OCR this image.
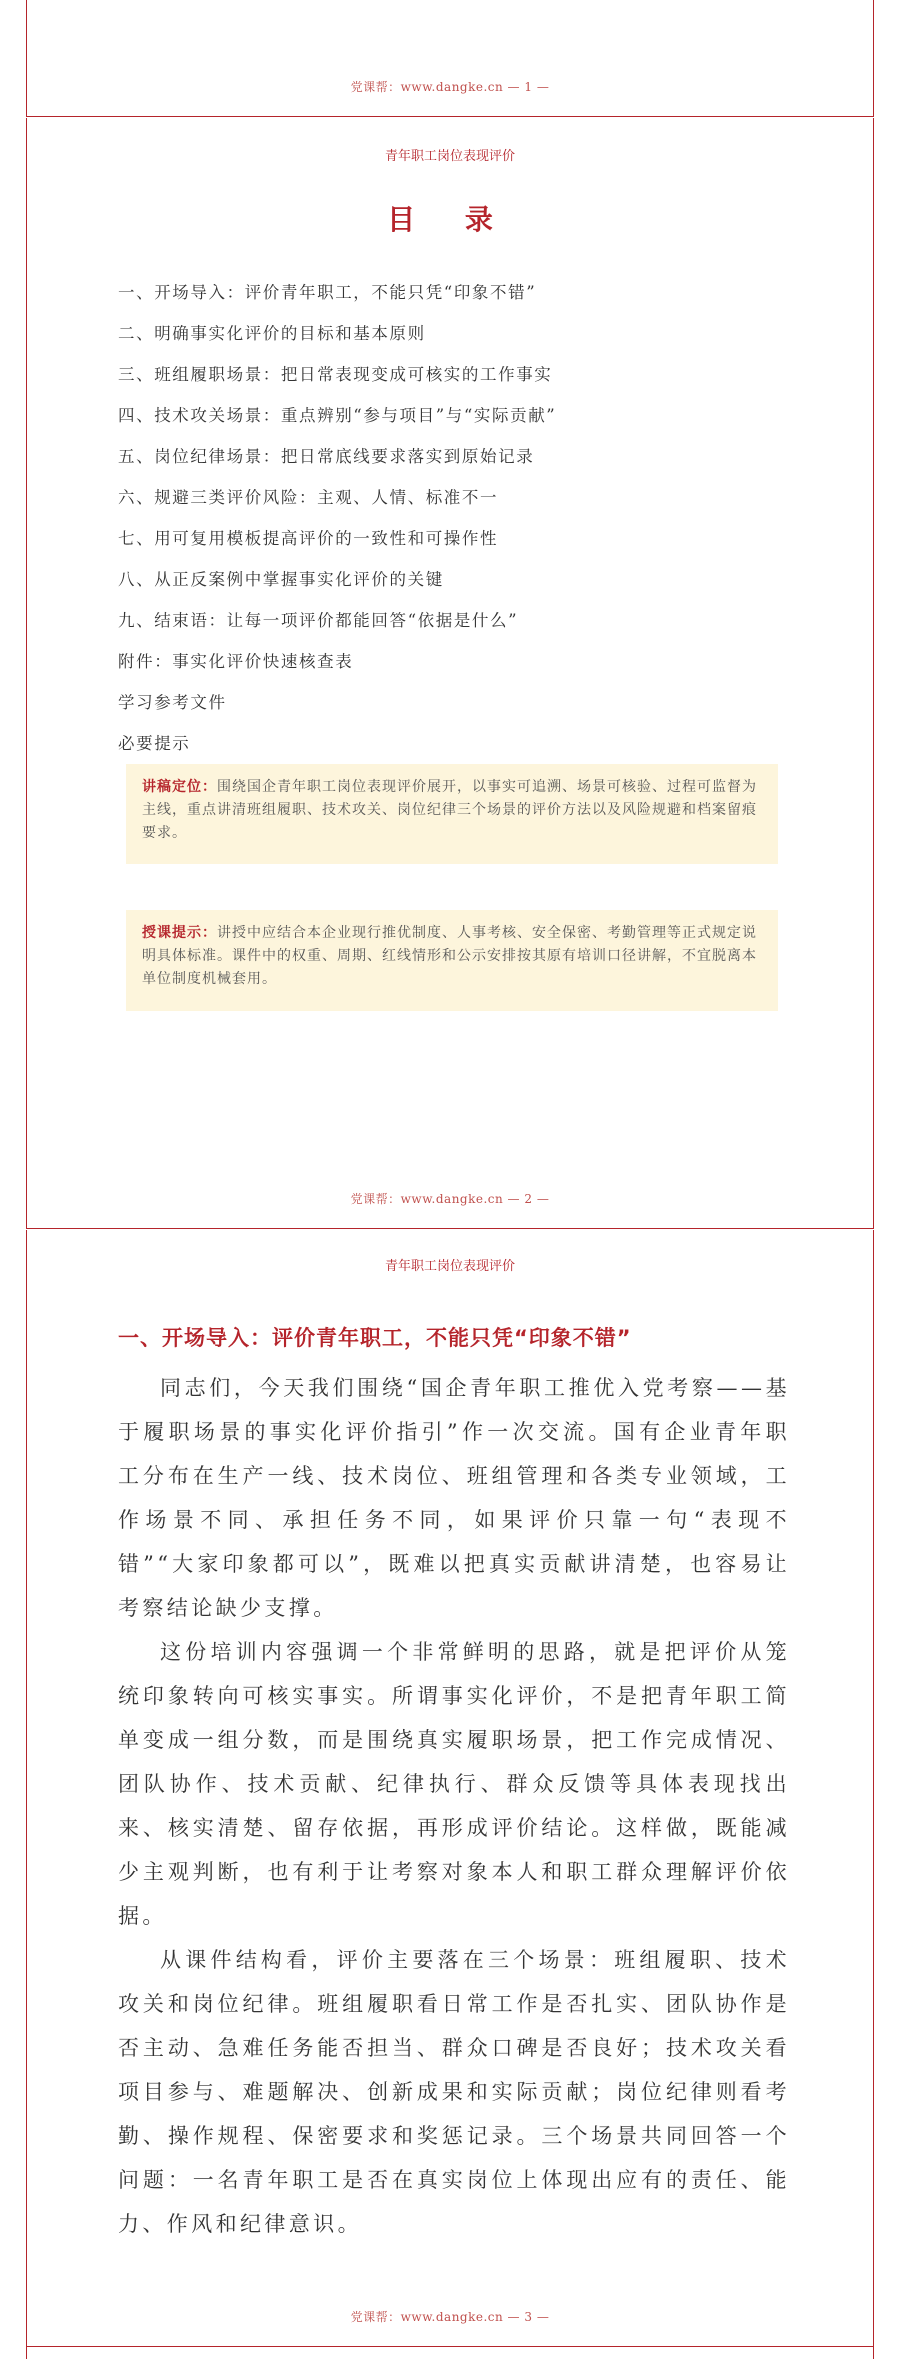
党课帮：www.dangke.cn — 1 —
青年职工岗位表现评价
目 录
一、开场导入：评价青年职工，不能只凭“印象不错”
二、明确事实化评价的目标和基本原则
三、班组履职场景：把日常表现变成可核实的工作事实
四、技术攻关场景：重点辨别“参与项目”与“实际贡献”
五、岗位纪律场景：把日常底线要求落实到原始记录
六、规避三类评价风险：主观、人情、标准不一
七、用可复用模板提高评价的一致性和可操作性
八、从正反案例中掌握事实化评价的关键
九、结束语：让每一项评价都能回答“依据是什么”
附件：事实化评价快速核查表
学习参考文件
必要提示
讲稿定位：围绕国企青年职工岗位表现评价展开，以事实可追溯、场景可核验、过程可监督为主线，重点讲清班组履职、技术攻关、岗位纪律三个场景的评价方法以及风险规避和档案留痕要求。
授课提示：讲授中应结合本企业现行推优制度、人事考核、安全保密、考勤管理等正式规定说明具体标准。课件中的权重、周期、红线情形和公示安排按其原有培训口径讲解，不宜脱离本单位制度机械套用。
党课帮：www.dangke.cn — 2 —
青年职工岗位表现评价
一、开场导入：评价青年职工，不能只凭“印象不错”

同志们，今天我们围绕“国企青年职工推优入党考察——基于履职场景的事实化评价指引”作一次交流。国有企业青年职工分布在生产一线、技术岗位、班组管理和各类专业领域，工作场景不同、承担任务不同，如果评价只靠一句“表现不错”“大家印象都可以”，既难以把真实贡献讲清楚，也容易让考察结论缺少支撑。

这份培训内容强调一个非常鲜明的思路，就是把评价从笼统印象转向可核实事实。所谓事实化评价，不是把青年职工简单变成一组分数，而是围绕真实履职场景，把工作完成情况、团队协作、技术贡献、纪律执行、群众反馈等具体表现找出来、核实清楚、留存依据，再形成评价结论。这样做，既能减少主观判断，也有利于让考察对象本人和职工群众理解评价依据。

从课件结构看，评价主要落在三个场景：班组履职、技术攻关和岗位纪律。班组履职看日常工作是否扎实、团队协作是否主动、急难任务能否担当、群众口碑是否良好；技术攻关看项目参与、难题解决、创新成果和实际贡献；岗位纪律则看考勤、操作规程、保密要求和奖惩记录。三个场景共同回答一个问题：一名青年职工是否在真实岗位上体现出应有的责任、能力、作风和纪律意识。

党课帮：www.dangke.cn — 3 —
